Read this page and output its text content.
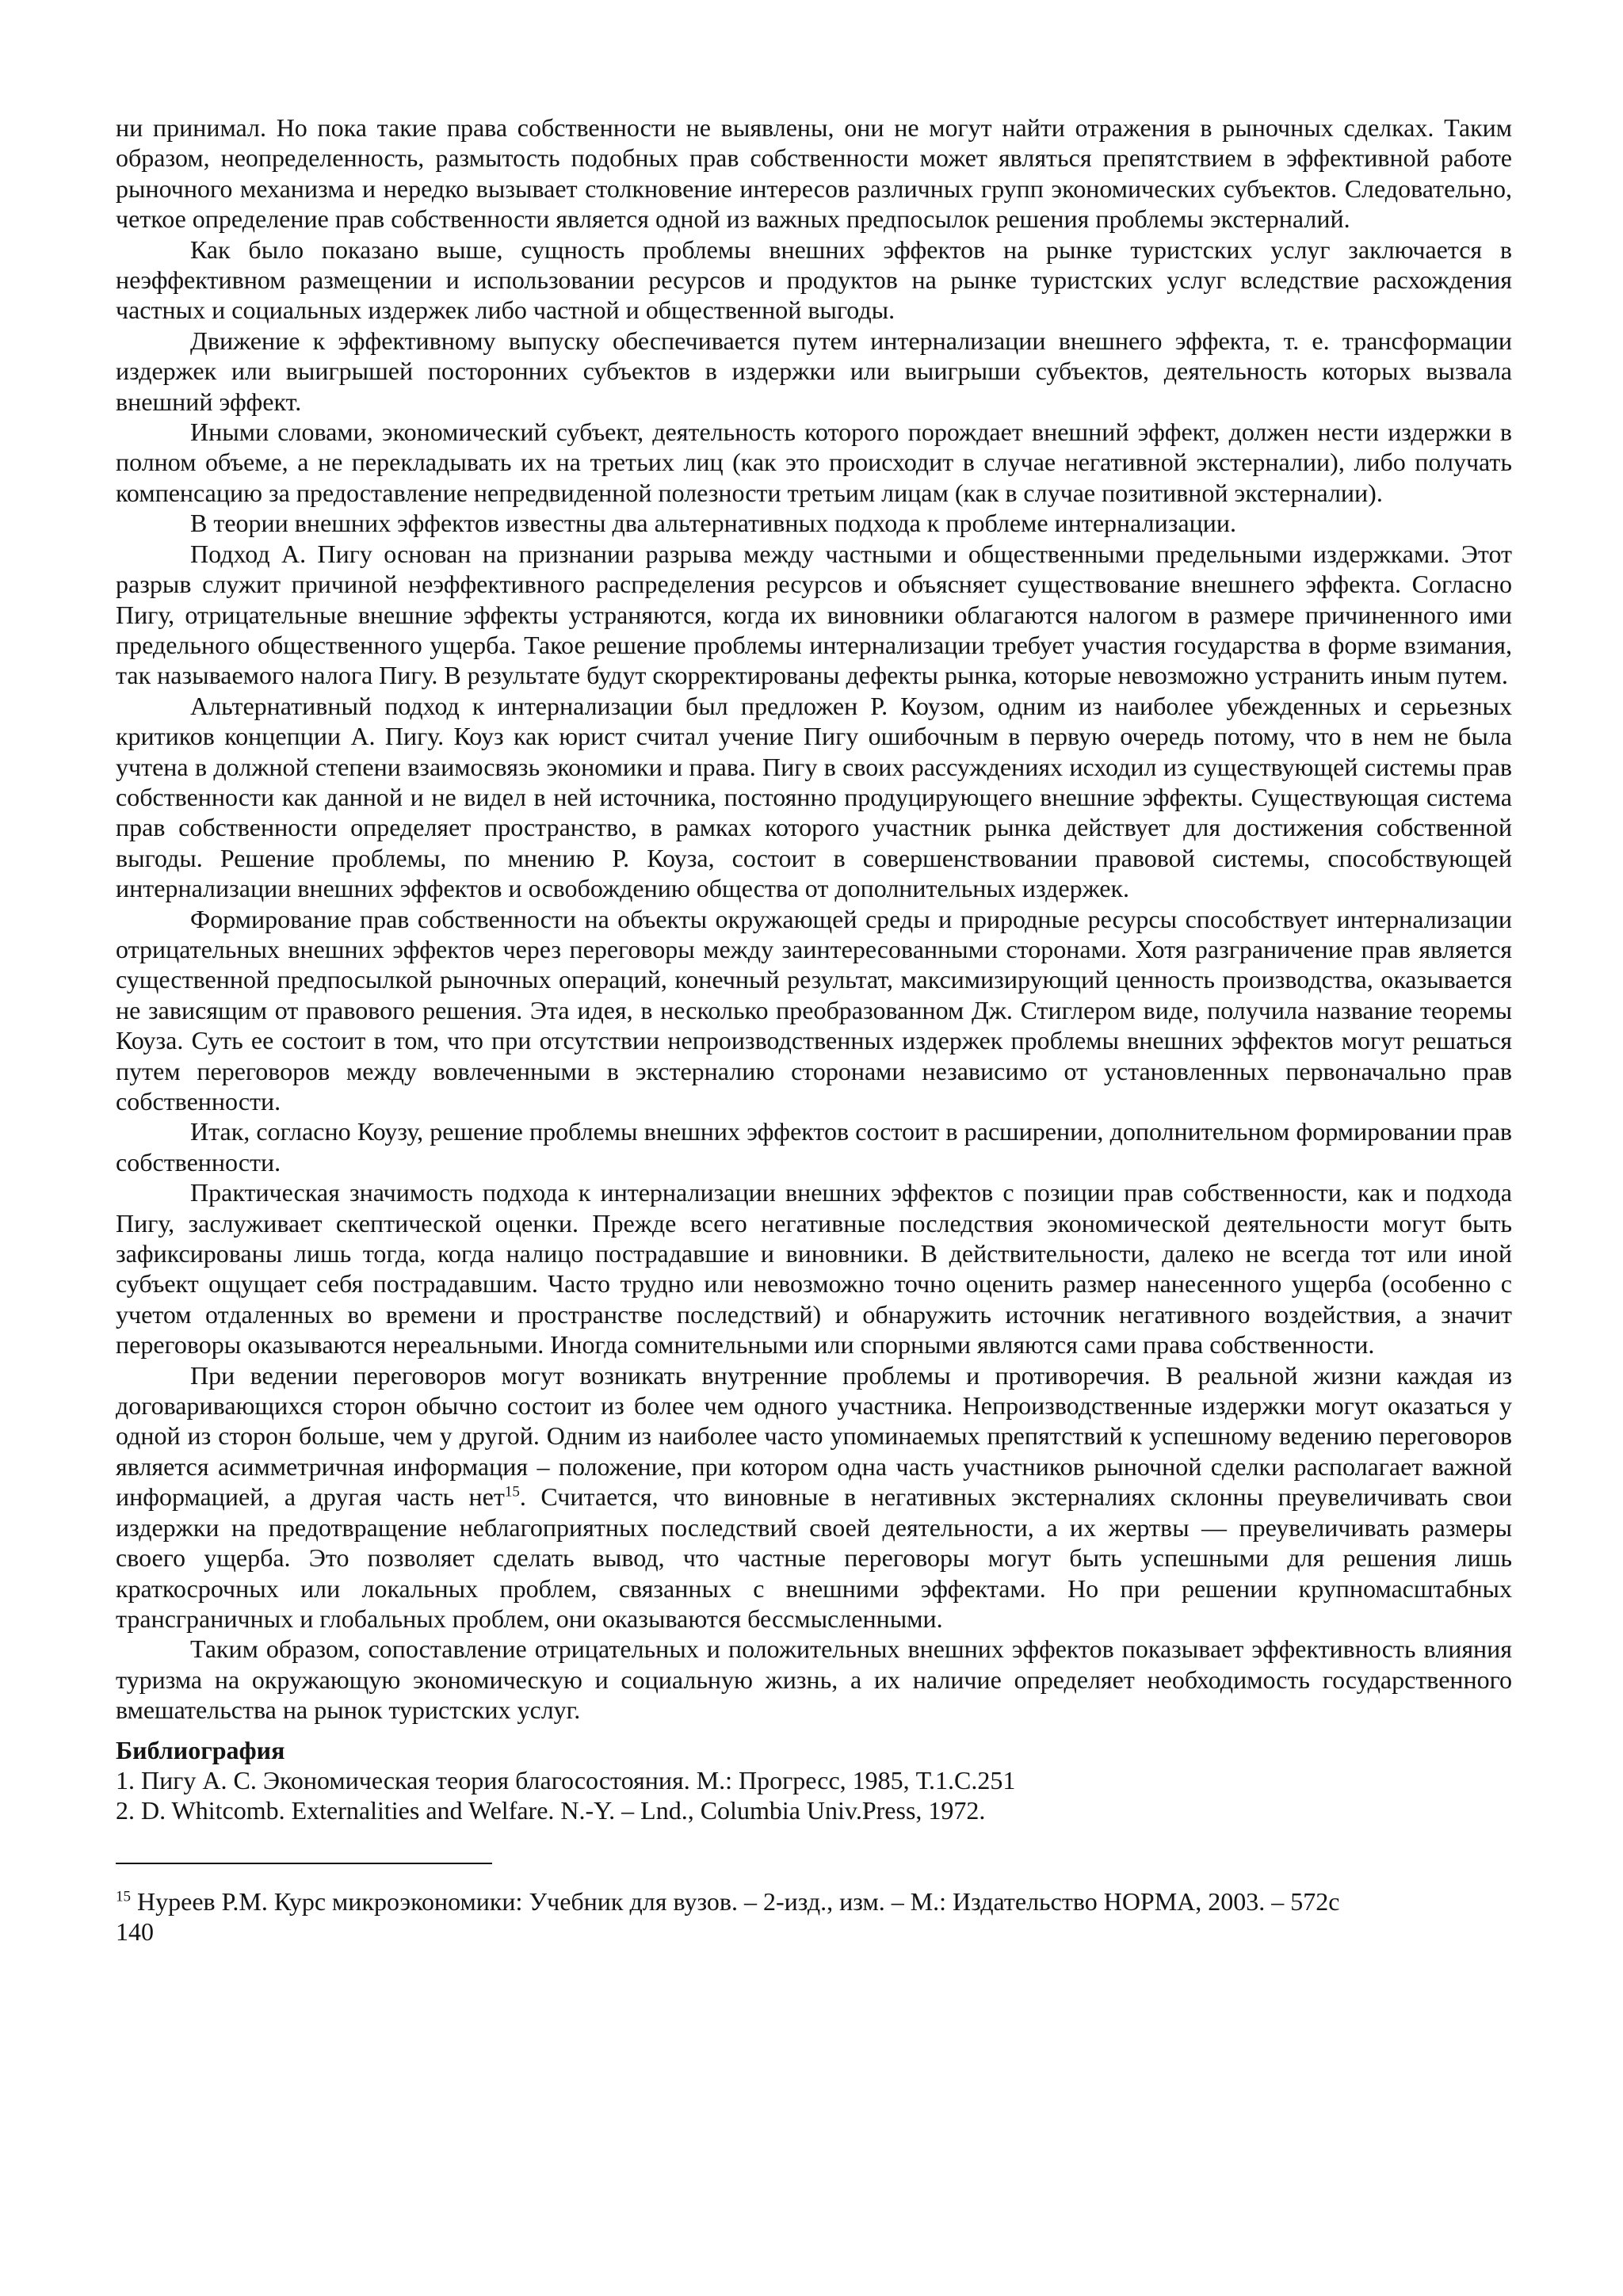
ни принимал. Но пока такие права собственности не выявлены, они не могут найти отражения в рыночных сделках. Таким образом, неопределенность, размытость подобных прав собственности может являться препятствием в эффективной работе рыночного механизма и нередко вызывает столкновение интересов различных групп экономических субъектов. Следовательно, четкое определение прав собственности является одной из важных предпосылок решения проблемы экстерналий.

Как было показано выше, сущность проблемы внешних эффектов на рынке туристских услуг заключается в неэффективном размещении и использовании ресурсов и продуктов на рынке туристских услуг вследствие расхождения частных и социальных издержек либо частной и общественной выгоды.

Движение к эффективному выпуску обеспечивается путем интернализации внешнего эффекта, т. е. трансформации издержек или выигрышей посторонних субъектов в издержки или выигрыши субъектов, деятельность которых вызвала внешний эффект.

Иными словами, экономический субъект, деятельность которого порождает внешний эффект, должен нести издержки в полном объеме, а не перекладывать их на третьих лиц (как это происходит в случае негативной экстерналии), либо получать компенсацию за предоставление непредвиденной полезности третьим лицам (как в случае позитивной экстерналии).

В теории внешних эффектов известны два альтернативных подхода к проблеме интернализации.

Подход А. Пигу основан на признании разрыва между частными и общественными предельными издержками. Этот разрыв служит причиной неэффективного распределения ресурсов и объясняет существование внешнего эффекта. Согласно Пигу, отрицательные внешние эффекты устраняются, когда их виновники облагаются налогом в размере причиненного ими предельного общественного ущерба. Такое решение проблемы интернализации требует участия государства в форме взимания, так называемого налога Пигу. В результате будут скорректированы дефекты рынка, которые невозможно устранить иным путем.

Альтернативный подход к интернализации был предложен Р. Коузом, одним из наиболее убежденных и серьезных критиков концепции А. Пигу. Коуз как юрист считал учение Пигу ошибочным в первую очередь потому, что в нем не была учтена в должной степени взаимосвязь экономики и права. Пигу в своих рассуждениях исходил из существующей системы прав собственности как данной и не видел в ней источника, постоянно продуцирующего внешние эффекты. Существующая система прав собственности определяет пространство, в рамках которого участник рынка действует для достижения собственной выгоды. Решение проблемы, по мнению Р. Коуза, состоит в совершенствовании правовой системы, способствующей интернализации внешних эффектов и освобождению общества от дополнительных издержек.

Формирование прав собственности на объекты окружающей среды и природные ресурсы способствует интернализации отрицательных внешних эффектов через переговоры между заинтересованными сторонами. Хотя разграничение прав является существенной предпосылкой рыночных операций, конечный результат, максимизирующий ценность производства, оказывается не зависящим от правового решения. Эта идея, в несколько преобразованном Дж. Стиглером виде, получила название теоремы Коуза. Суть ее состоит в том, что при отсутствии непроизводственных издержек проблемы внешних эффектов могут решаться путем переговоров между вовлеченными в экстерналию сторонами независимо от установленных первоначально прав собственности.

Итак, согласно Коузу, решение проблемы внешних эффектов состоит в расширении, дополнительном формировании прав собственности.

Практическая значимость подхода к интернализации внешних эффектов с позиции прав собственности, как и подхода Пигу, заслуживает скептической оценки. Прежде всего негативные последствия экономической деятельности могут быть зафиксированы лишь тогда, когда налицо пострадавшие и виновники. В действительности, далеко не всегда тот или иной субъект ощущает себя пострадавшим. Часто трудно или невозможно точно оценить размер нанесенного ущерба (особенно с учетом отдаленных во времени и пространстве последствий) и обнаружить источник негативного воздействия, а значит переговоры оказываются нереальными. Иногда сомнительными или спорными являются сами права собственности.

При ведении переговоров могут возникать внутренние проблемы и противоречия. В реальной жизни каждая из договаривающихся сторон обычно состоит из более чем одного участника. Непроизводственные издержки могут оказаться у одной из сторон больше, чем у другой. Одним из наиболее часто упоминаемых препятствий к успешному ведению переговоров является асимметричная информация – положение, при котором одна часть участников рыночной сделки располагает важной информацией, а другая часть нет$^{15}$. Считается, что виновные в негативных экстерналиях склонны преувеличивать свои издержки на предотвращение неблагоприятных последствий своей деятельности, а их жертвы — преувеличивать размеры своего ущерба. Это позволяет сделать вывод, что частные переговоры могут быть успешными для решения лишь краткосрочных или локальных проблем, связанных с внешними эффектами. Но при решении крупномасштабных трансграничных и глобальных проблем, они оказываются бессмысленными.

Таким образом, сопоставление отрицательных и положительных внешних эффектов показывает эффективность влияния туризма на окружающую экономическую и социальную жизнь, а их наличие определяет необходимость государственного вмешательства на рынок туристских услуг.

Библиография

1. Пигу А. С. Экономическая теория благосостояния. М.: Прогресс, 1985, Т.1.С.251

2. D. Whitcomb. Externalities and Welfare. N.-Y. – Lnd., Columbia Univ.Press, 1972.

$^{15}$ Нуреев Р.М. Курс микроэкономики: Учебник для вузов. – 2-изд., изм. – М.: Издательство НОРМА, 2003. – 572с

140
